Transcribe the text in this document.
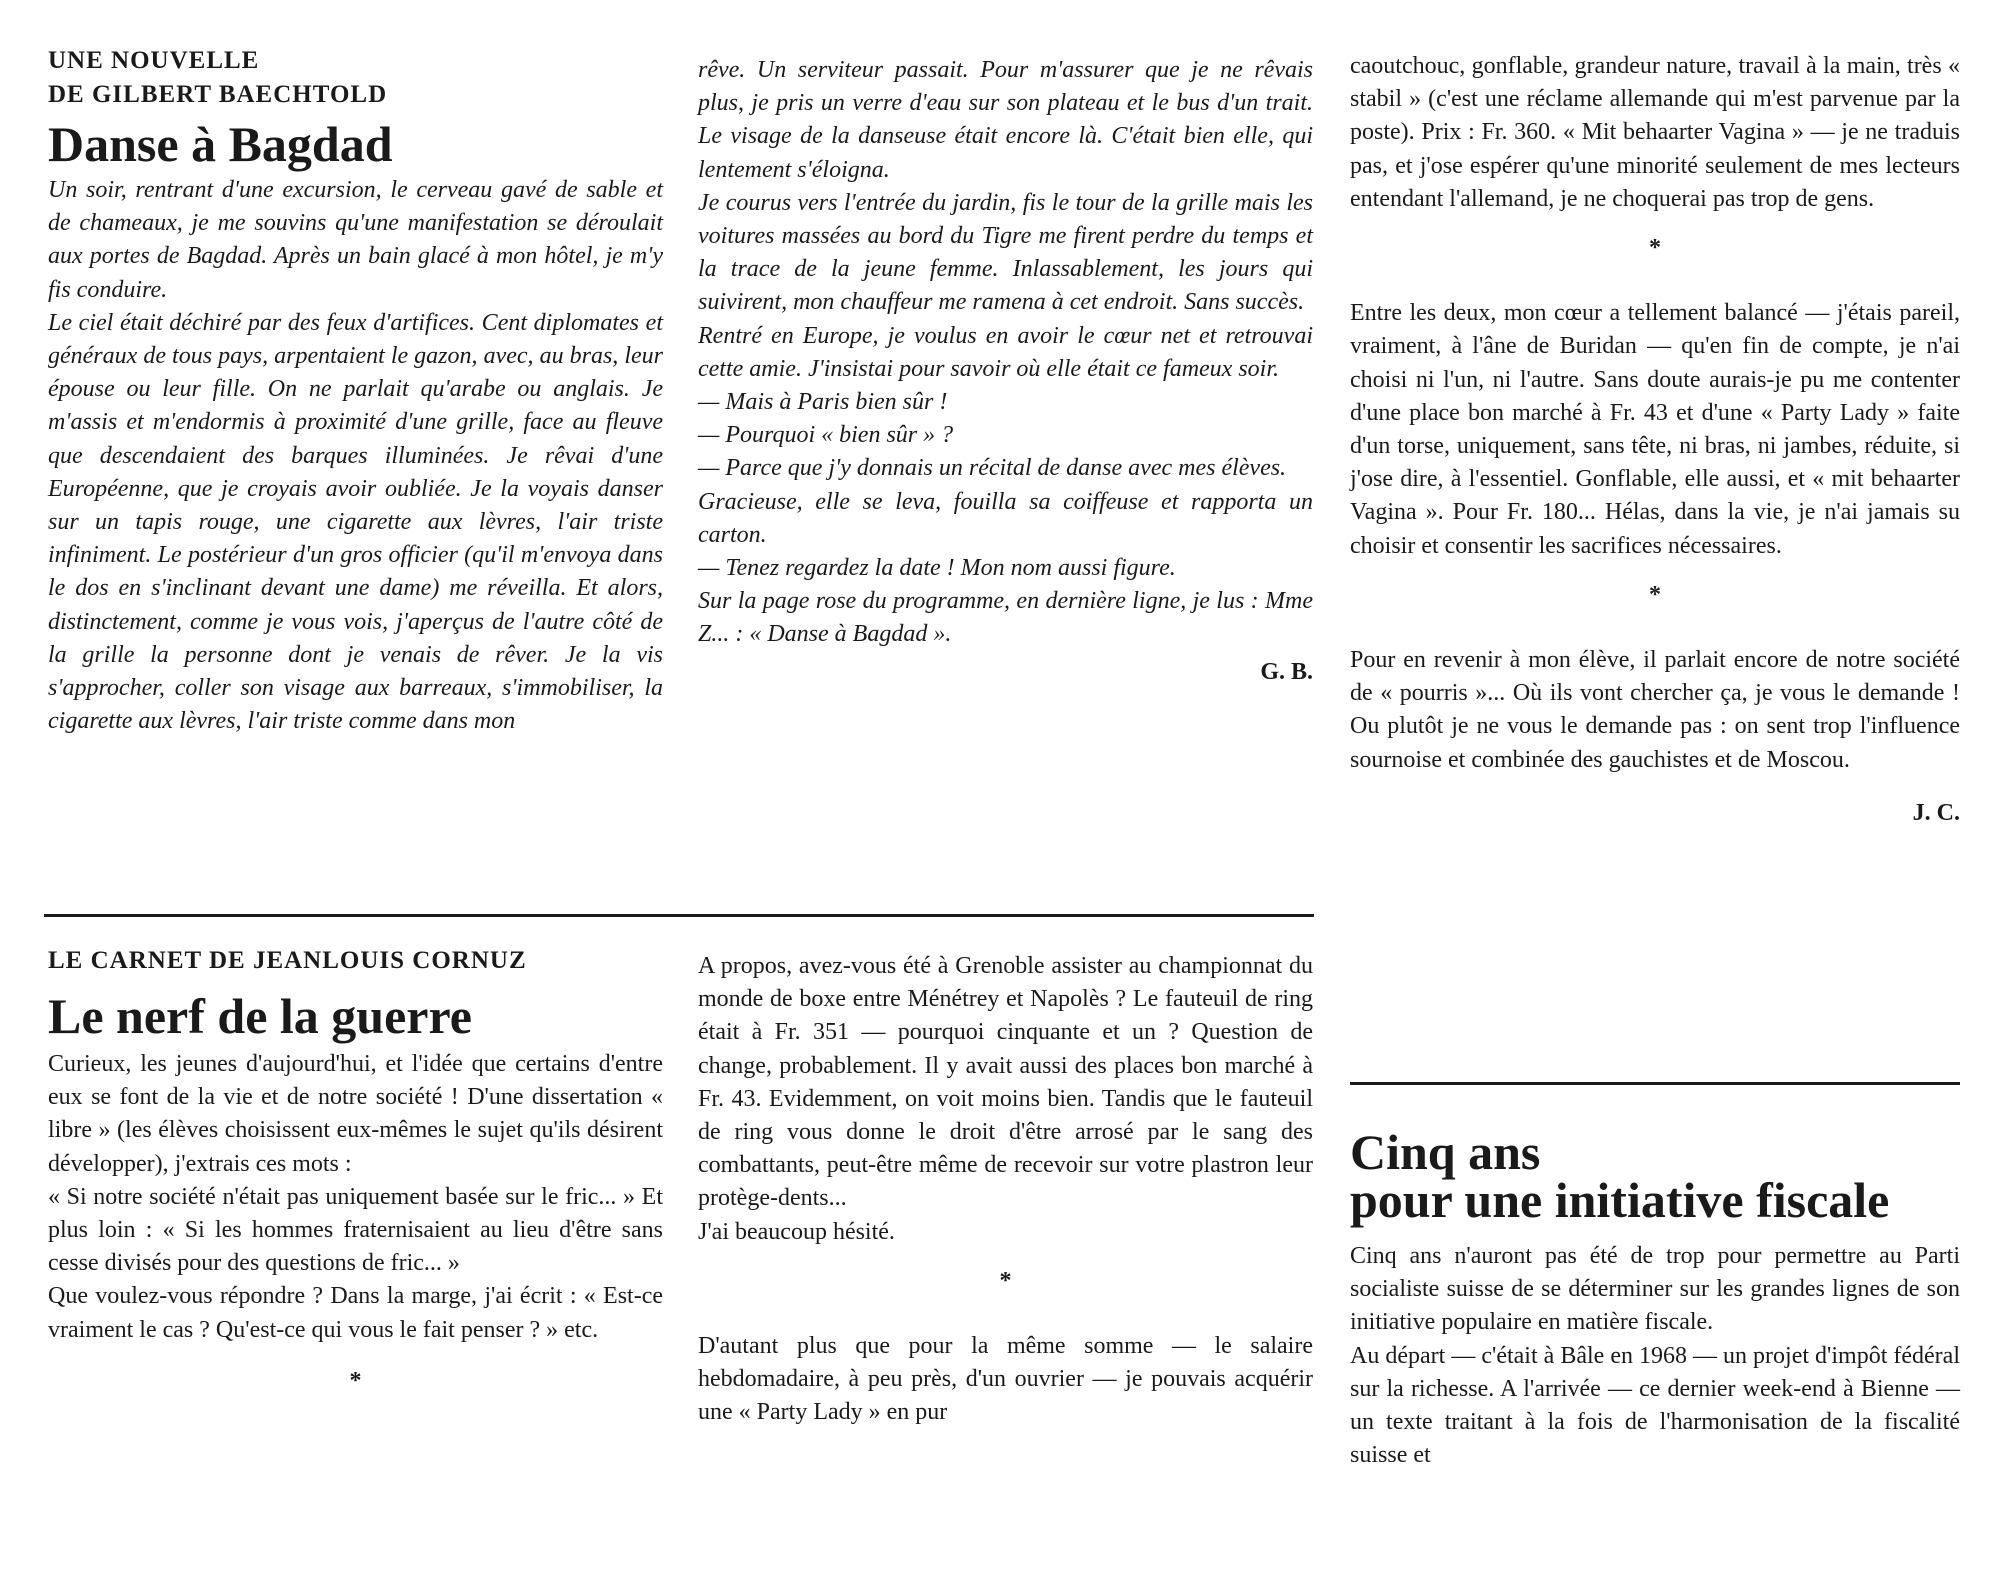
UNE NOUVELLE

DE GILBERT BAECHTOLD

Danse à Bagdad

Un soir, rentrant d'une excursion, le cerveau gavé de sable et de chameaux, je me souvins qu'une manifestation se déroulait aux portes de Bagdad. Après un bain glacé à mon hôtel, je m'y fis conduire.

Le ciel était déchiré par des feux d'artifices. Cent diplomates et généraux de tous pays, arpentaient le gazon, avec, au bras, leur épouse ou leur fille. On ne parlait qu'arabe ou anglais. Je m'assis et m'endormis à proximité d'une grille, face au fleuve que descendaient des barques illuminées. Je rêvai d'une Européenne, que je croyais avoir oubliée. Je la voyais danser sur un tapis rouge, une cigarette aux lèvres, l'air triste infiniment. Le postérieur d'un gros officier (qu'il m'envoya dans le dos en s'inclinant devant une dame) me réveilla. Et alors, distinctement, comme je vous vois, j'aperçus de l'autre côté de la grille la personne dont je venais de rêver. Je la vis s'approcher, coller son visage aux barreaux, s'immobiliser, la cigarette aux lèvres, l'air triste comme dans mon

rêve. Un serviteur passait. Pour m'assurer que je ne rêvais plus, je pris un verre d'eau sur son plateau et le bus d'un trait. Le visage de la danseuse était encore là. C'était bien elle, qui lentement s'éloigna.

Je courus vers l'entrée du jardin, fis le tour de la grille mais les voitures massées au bord du Tigre me firent perdre du temps et la trace de la jeune femme. Inlassablement, les jours qui suivirent, mon chauffeur me ramena à cet endroit. Sans succès.

Rentré en Europe, je voulus en avoir le cœur net et retrouvai cette amie. J'insistai pour savoir où elle était ce fameux soir.

— Mais à Paris bien sûr !

— Pourquoi « bien sûr » ?

— Parce que j'y donnais un récital de danse avec mes élèves.

Gracieuse, elle se leva, fouilla sa coiffeuse et rapporta un carton.

— Tenez regardez la date ! Mon nom aussi figure.

Sur la page rose du programme, en dernière ligne, je lus : Mme Z... : « Danse à Bagdad ».

G. B.

LE CARNET DE JEANLOUIS CORNUZ

Le nerf de la guerre

Curieux, les jeunes d'aujourd'hui, et l'idée que certains d'entre eux se font de la vie et de notre société ! D'une dissertation « libre » (les élèves choisissent eux-mêmes le sujet qu'ils désirent développer), j'extrais ces mots :

« Si notre société n'était pas uniquement basée sur le fric... » Et plus loin : « Si les hommes fraternisaient au lieu d'être sans cesse divisés pour des questions de fric... »

Que voulez-vous répondre ? Dans la marge, j'ai écrit : « Est-ce vraiment le cas ? Qu'est-ce qui vous le fait penser ? » etc.

*

A propos, avez-vous été à Grenoble assister au championnat du monde de boxe entre Ménétrey et Napolès ? Le fauteuil de ring était à Fr. 351 — pourquoi cinquante et un ? Question de change, probablement. Il y avait aussi des places bon marché à Fr. 43. Evidemment, on voit moins bien. Tandis que le fauteuil de ring vous donne le droit d'être arrosé par le sang des combattants, peut-être même de recevoir sur votre plastron leur protège-dents...

J'ai beaucoup hésité.

*

D'autant plus que pour la même somme — le salaire hebdomadaire, à peu près, d'un ouvrier — je pouvais acquérir une « Party Lady » en pur

caoutchouc, gonflable, grandeur nature, travail à la main, très « stabil » (c'est une réclame allemande qui m'est parvenue par la poste). Prix : Fr. 360. « Mit behaarter Vagina » — je ne traduis pas, et j'ose espérer qu'une minorité seulement de mes lecteurs entendant l'allemand, je ne choquerai pas trop de gens.

*

Entre les deux, mon cœur a tellement balancé — j'étais pareil, vraiment, à l'âne de Buridan — qu'en fin de compte, je n'ai choisi ni l'un, ni l'autre. Sans doute aurais-je pu me contenter d'une place bon marché à Fr. 43 et d'une « Party Lady » faite d'un torse, uniquement, sans tête, ni bras, ni jambes, réduite, si j'ose dire, à l'essentiel. Gonflable, elle aussi, et « mit behaarter Vagina ». Pour Fr. 180... Hélas, dans la vie, je n'ai jamais su choisir et consentir les sacrifices nécessaires.

*

Pour en revenir à mon élève, il parlait encore de notre société de « pourris »... Où ils vont chercher ça, je vous le demande ! Ou plutôt je ne vous le demande pas : on sent trop l'influence sournoise et combinée des gauchistes et de Moscou.

J. C.

Cinq ans
pour une initiative fiscale

Cinq ans n'auront pas été de trop pour permettre au Parti socialiste suisse de se déterminer sur les grandes lignes de son initiative populaire en matière fiscale.

Au départ — c'était à Bâle en 1968 — un projet d'impôt fédéral sur la richesse. A l'arrivée — ce dernier week-end à Bienne — un texte traitant à la fois de l'harmonisation de la fiscalité suisse et
